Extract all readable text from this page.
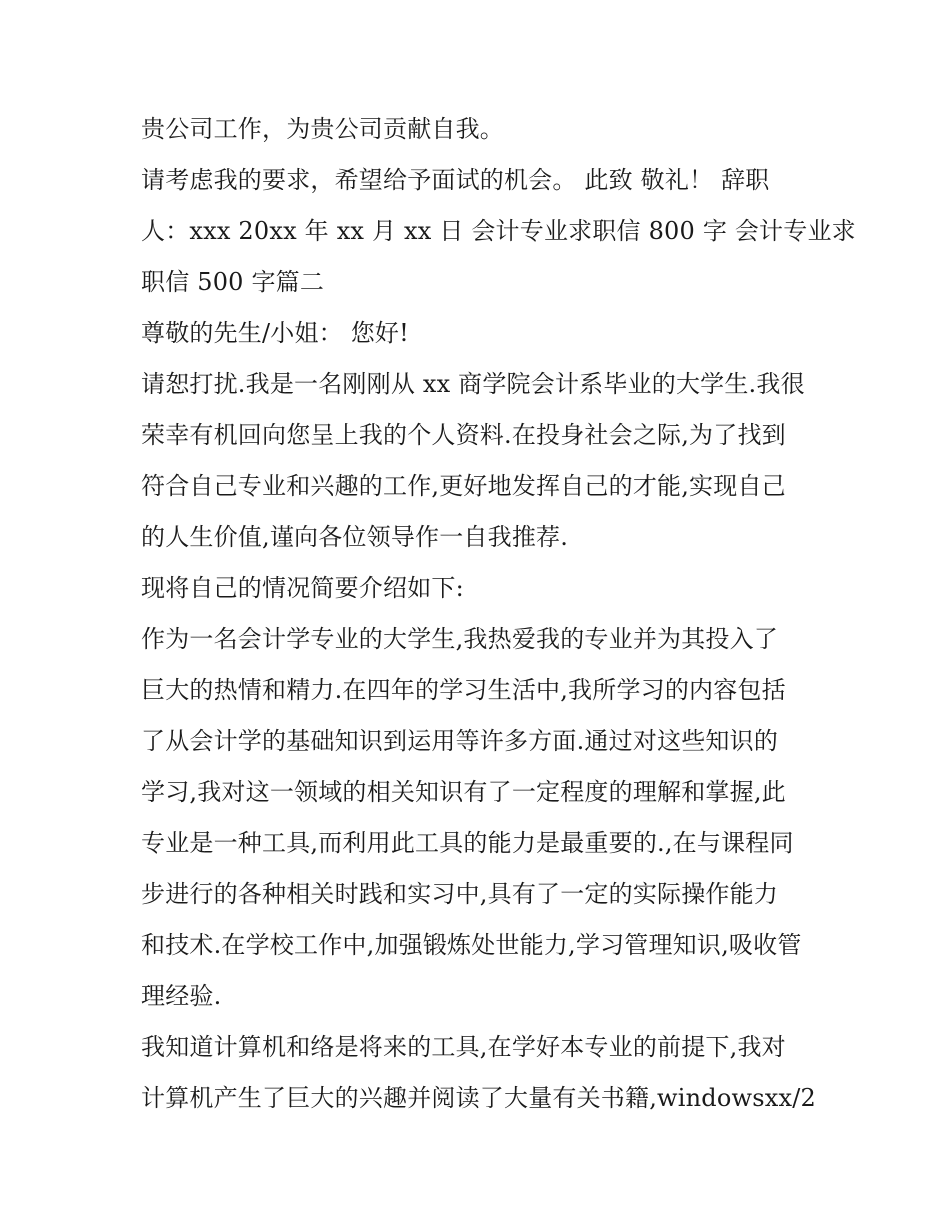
贵公司工作，为贵公司贡献自我。
请考虑我的要求，希望给予面试的机会。 此致 敬礼！ 辞职
人：xxx 20xx 年 xx 月 xx 日 会计专业求职信 800 字 会计专业求
职信 500 字篇二
尊敬的先生/小姐： 您好!
请恕打扰.我是一名刚刚从 xx 商学院会计系毕业的大学生.我很
荣幸有机回向您呈上我的个人资料.在投身社会之际,为了找到
符合自己专业和兴趣的工作,更好地发挥自己的才能,实现自己
的人生价值,谨向各位领导作一自我推荐.
现将自己的情况简要介绍如下:
作为一名会计学专业的大学生,我热爱我的专业并为其投入了
巨大的热情和精力.在四年的学习生活中,我所学习的内容包括
了从会计学的基础知识到运用等许多方面.通过对这些知识的
学习,我对这一领域的相关知识有了一定程度的理解和掌握,此
专业是一种工具,而利用此工具的能力是最重要的.,在与课程同
步进行的各种相关时践和实习中,具有了一定的实际操作能力
和技术.在学校工作中,加强锻炼处世能力,学习管理知识,吸收管
理经验.
我知道计算机和络是将来的工具,在学好本专业的前提下,我对
计算机产生了巨大的兴趣并阅读了大量有关书籍,windowsxx/2
